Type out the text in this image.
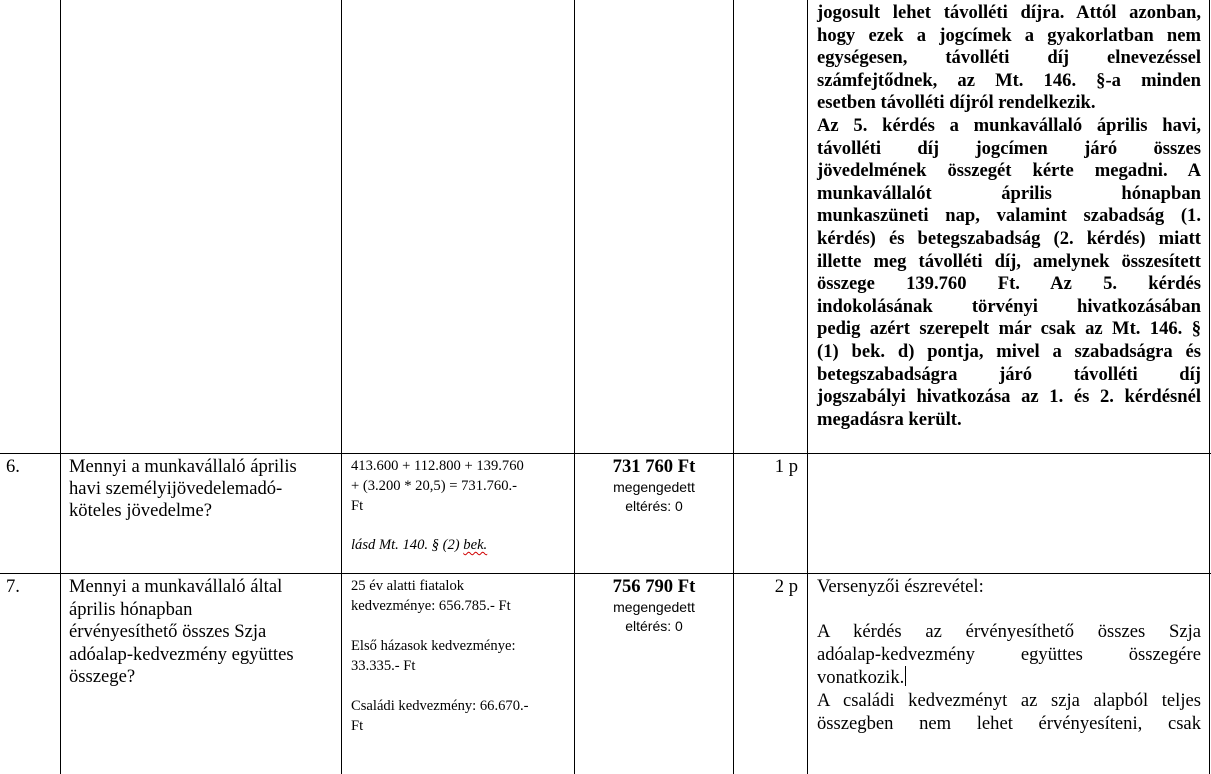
jogosult lehet távolléti díjra. Attól azonban,
hogy ezek a jogcímek a gyakorlatban nem
egységesen, távolléti díj elnevezéssel
számfejtődnek, az Mt. 146. §-a minden
esetben távolléti díjról rendelkezik.
Az 5. kérdés a munkavállaló április havi,
távolléti díj jogcímen járó összes
jövedelmének összegét kérte megadni. A
munkavállalót április hónapban
munkaszüneti nap, valamint szabadság (1.
kérdés) és betegszabadság (2. kérdés) miatt
illette meg távolléti díj, amelynek összesített
összege 139.760 Ft. Az 5. kérdés
indokolásának törvényi hivatkozásában
pedig azért szerepelt már csak az Mt. 146. §
(1) bek. d) pontja, mivel a szabadságra és
betegszabadságra járó távolléti díj
jogszabályi hivatkozása az 1. és 2. kérdésnél
megadásra került.
6.	Mennyi a munkavállaló április
havi személyijövedelemadó-
köteles jövedelme?
413.600 + 112.800 + 139.760
+ (3.200 * 20,5) = 731.760.-
Ft
lásd Mt. 140. § (2) bek.
731 760 Ft
megengedett
eltérés: 0
1 p
7.	Mennyi a munkavállaló által
április hónapban
érvényesíthető összes Szja
adóalap-kedvezmény együttes
összege?
25 év alatti fiatalok
kedvezménye: 656.785.- Ft
Első házasok kedvezménye:
33.335.- Ft
Családi kedvezmény: 66.670.-
Ft
756 790 Ft
megengedett
eltérés: 0
2 p Versenyzői észrevétel:
A kérdés az érvényesíthető összes Szja
adóalap-kedvezmény együttes összegére
vonatkozik.
A családi kedvezményt az szja alapból teljes
összegben nem lehet érvényesíteni, csak
